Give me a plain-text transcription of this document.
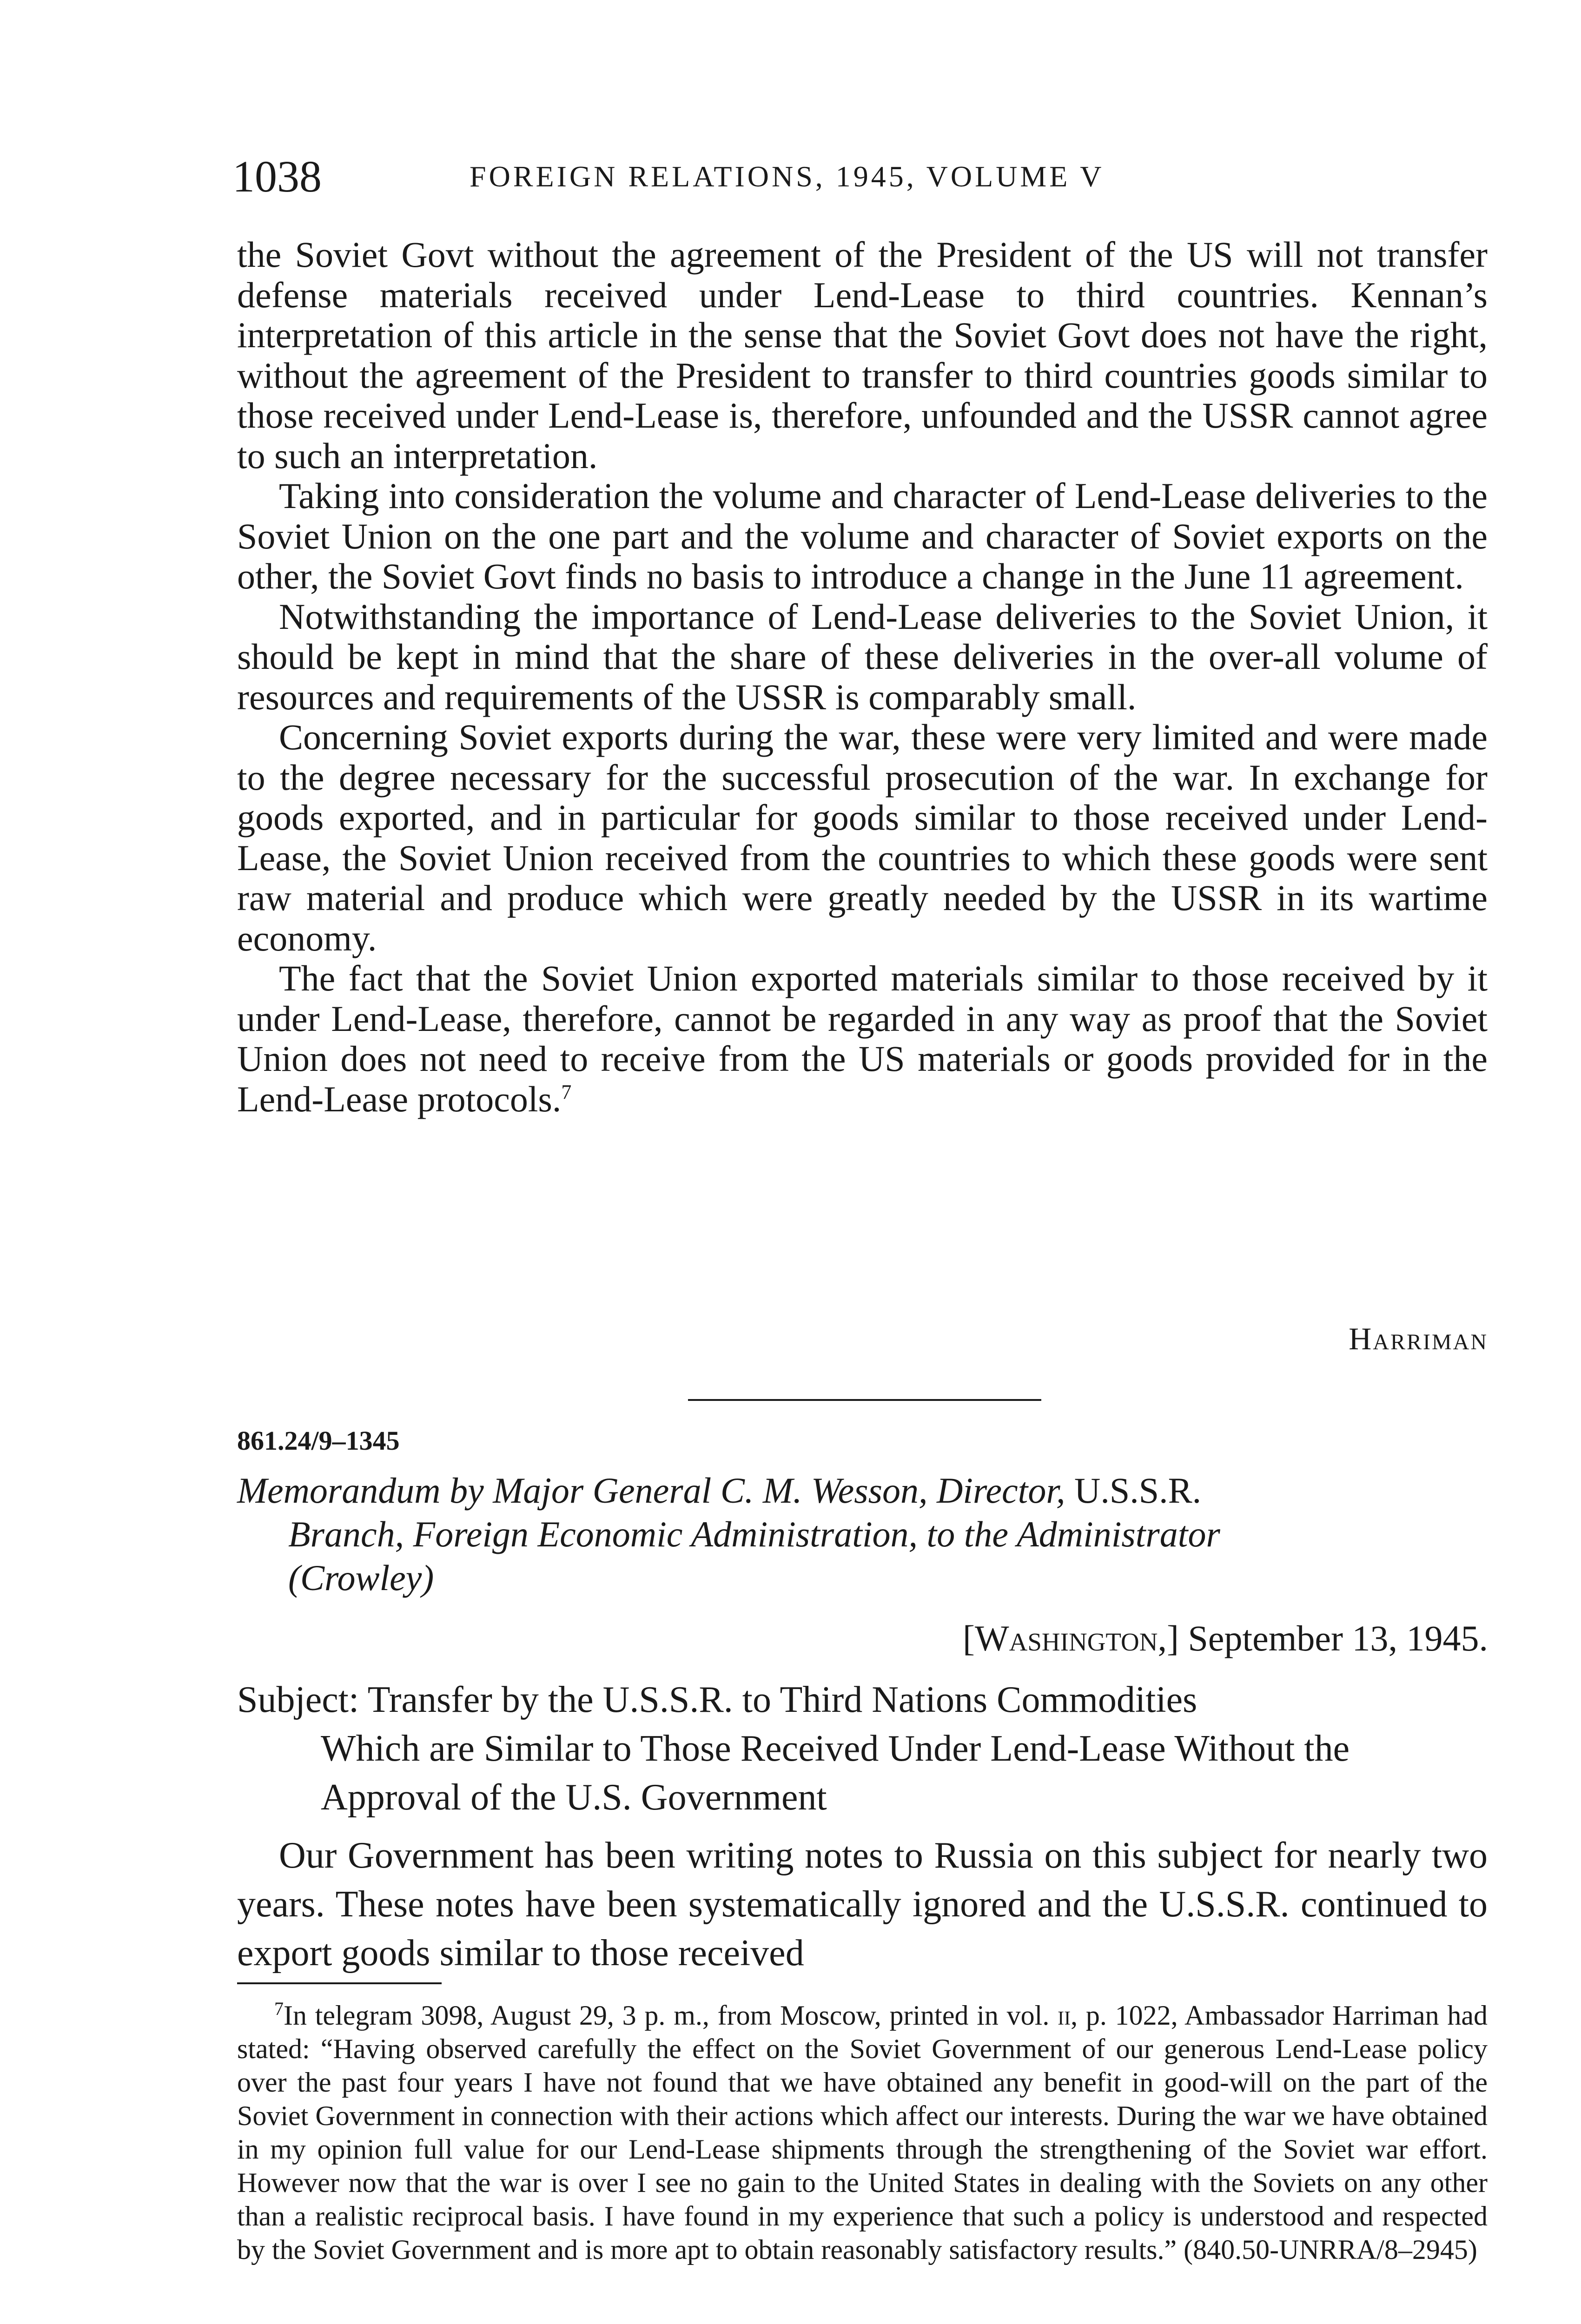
1038	FOREIGN RELATIONS, 1945, VOLUME V

the Soviet Govt without the agreement of the President of the US will not transfer defense materials received under Lend-Lease to third countries. Kennan’s interpretation of this article in the sense that the Soviet Govt does not have the right, without the agreement of the President to transfer to third countries goods similar to those received under Lend-Lease is, therefore, unfounded and the USSR cannot agree to such an interpretation.

Taking into consideration the volume and character of Lend-Lease deliveries to the Soviet Union on the one part and the volume and character of Soviet exports on the other, the Soviet Govt finds no basis to introduce a change in the June 11 agreement.

Notwithstanding the importance of Lend-Lease deliveries to the Soviet Union, it should be kept in mind that the share of these deliveries in the over-all volume of resources and requirements of the USSR is comparably small.

Concerning Soviet exports during the war, these were very limited and were made to the degree necessary for the successful prosecution of the war. In exchange for goods exported, and in particular for goods similar to those received under Lend-Lease, the Soviet Union received from the countries to which these goods were sent raw material and produce which were greatly needed by the USSR in its wartime economy.

The fact that the Soviet Union exported materials similar to those received by it under Lend-Lease, therefore, cannot be regarded in any way as proof that the Soviet Union does not need to receive from the US materials or goods provided for in the Lend-Lease protocols.$^7$

Harriman
861.24/9–1345
Memorandum by Major General C. M. Wesson, Director, U.S.S.R.
Branch, Foreign Economic Administration, to the Administrator
(Crowley)
[Washington,] September 13, 1945.
Subject: Transfer by the U.S.S.R. to Third Nations Commodities
Which are Similar to Those Received Under Lend-Lease Without the Approval of the U.S. Government

Our Government has been writing notes to Russia on this subject for nearly two years. These notes have been systematically ignored and the U.S.S.R. continued to export goods similar to those received

$^7$In telegram 3098, August 29, 3 p. m., from Moscow, printed in vol. ii, p. 1022, Ambassador Harriman had stated: “Having observed carefully the effect on the Soviet Government of our generous Lend-Lease policy over the past four years I have not found that we have obtained any benefit in good-will on the part of the Soviet Government in connection with their actions which affect our interests. During the war we have obtained in my opinion full value for our Lend-Lease shipments through the strengthening of the Soviet war effort. However now that the war is over I see no gain to the United States in dealing with the Soviets on any other than a realistic reciprocal basis. I have found in my experience that such a policy is understood and respected by the Soviet Government and is more apt to obtain reasonably satisfactory results.” (840.50-UNRRA/8–2945)
